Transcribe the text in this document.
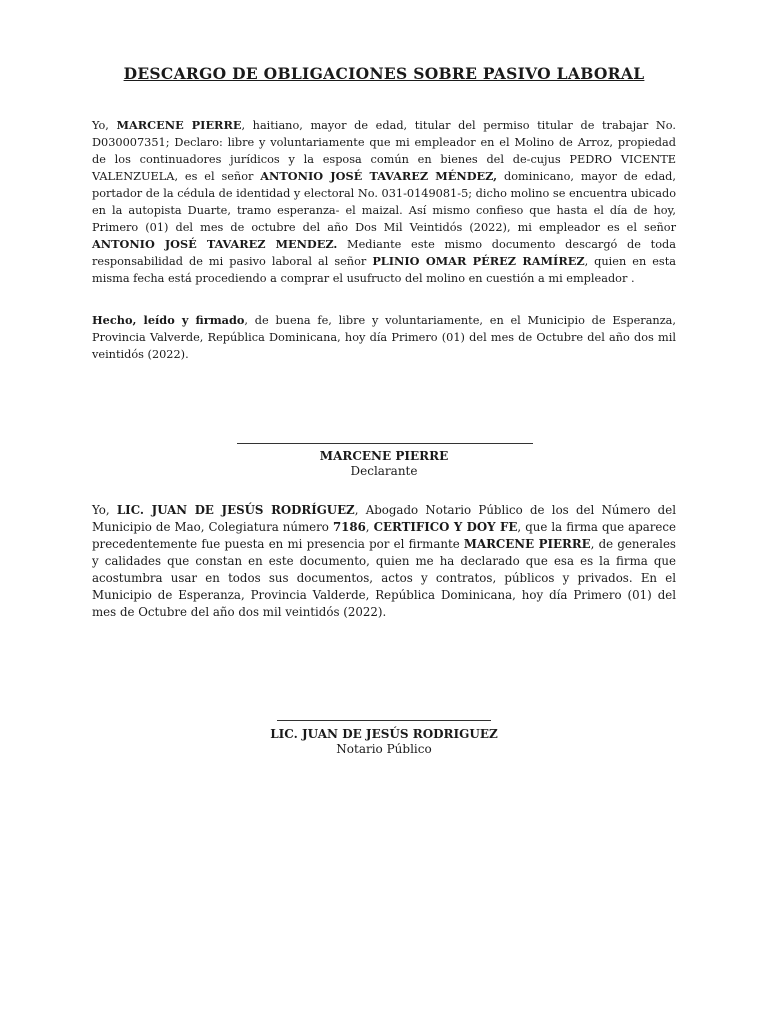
DESCARGO DE OBLIGACIONES SOBRE PASIVO LABORAL

Yo, MARCENE PIERRE, haitiano, mayor de edad, titular del permiso titular de trabajar No. D030007351; Declaro: libre y voluntariamente que mi empleador en el Molino de Arroz, propiedad de los continuadores jurídicos y la esposa común en bienes del de-cujus PEDRO VICENTE VALENZUELA, es el señor ANTONIO JOSÉ TAVAREZ MÉNDEZ, dominicano, mayor de edad, portador de la cédula de identidad y electoral No. 031-0149081-5; dicho molino se encuentra ubicado en la autopista Duarte, tramo esperanza- el maizal. Así mismo confieso que hasta el día de hoy, Primero (01) del mes de octubre del año Dos Mil Veintidós (2022), mi empleador es el señor ANTONIO JOSÉ TAVAREZ MENDEZ. Mediante este mismo documento descargó de toda responsabilidad de mi pasivo laboral al señor PLINIO OMAR PÉREZ RAMÍREZ, quien en esta misma fecha está procediendo a comprar el usufructo del molino en cuestión a mi empleador .

Hecho, leído y firmado, de buena fe, libre y voluntariamente, en el Municipio de Esperanza, Provincia Valverde, República Dominicana, hoy día Primero (01) del mes de Octubre del año dos mil veintidós (2022).

MARCENE PIERRE

Declarante

Yo, LIC. JUAN DE JESÚS RODRÍGUEZ, Abogado Notario Público de los del Número del Municipio de Mao, Colegiatura número 7186, CERTIFICO Y DOY FE, que la firma que aparece precedentemente fue puesta en mi presencia por el firmante MARCENE PIERRE, de generales y calidades que constan en este documento, quien me ha declarado que esa es la firma que acostumbra usar en todos sus documentos, actos y contratos, públicos y privados. En el Municipio de Esperanza, Provincia Valderde, República Dominicana, hoy día Primero (01) del mes de Octubre del año dos mil veintidós (2022).

LIC. JUAN DE JESÚS RODRIGUEZ

Notario Público
